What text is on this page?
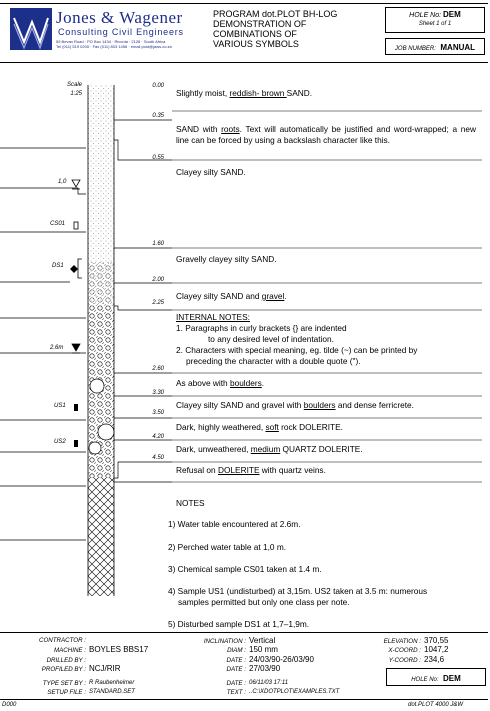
Jones & Wagener
Consulting Civil Engineers
59 Bevan Road · PO Box 1434 · Rivonia · 2128 · South Africa
Tel (011) 519 0200 · Fax (011) 803 1456 · email post@jaws.co.za
PROGRAM dot.PLOT BH-LOG
DEMONSTRATION OF
COMBINATIONS OF
VARIOUS SYMBOLS
HOLE No: DEM
Sheet 1 of 1
JOB NUMBER: MANUAL
Scale
1:25
0.00
0.35
0.55
1.60
2.00
2.25
2.60
3.30
3.50
4.20
4.50
1,0
CS01
DS1
2.6m
US1
US2
Slightly moist, reddish- brown SAND.
SAND with roots. Text will automatically be justified and word-wrapped; a new line can be forced by using a backslash character like this.
Clayey silty SAND.
Gravelly clayey silty SAND.
Clayey silty SAND and gravel.
INTERNAL NOTES:
1. Paragraphs in curly brackets {} are indented
to any desired level of indentation.
2. Characters with special meaning, eg. tilde (~) can be printed by
preceding the character with a double quote (").
As above with boulders.
Clayey silty SAND and gravel with boulders and dense ferricrete.
Dark, highly weathered, soft rock DOLERITE.
Dark, unweathered, medium QUARTZ DOLERITE.
Refusal on DOLERITE with quartz veins.
NOTES
1) Water table encountered at 2.6m.
2) Perched water table at 1,0 m.
3) Chemical sample CS01 taken at 1.4 m.
4) Sample US1 (undisturbed) at 3,15m. US2 taken at 3.5 m: numerous
samples permitted but only one class per note.
5) Disturbed sample DS1 at 1,7–1,9m.
CONTRACTOR :
MACHINE : BOYLES BBS17
DRILLED BY :
PROFILED BY : NCJ/RIR
TYPE SET BY : R Raubenheimer
SETUP FILE : STANDARD.SET
INCLINATION : Vertical
DIAM : 150 mm
DATE : 24/03/90-26/03/90
DATE : 27/03/90
DATE : 06/11/03 17:11
TEXT : ..C:\XDOTPLOT\EXAMPLES.TXT
ELEVATION : 370,55
X-COORD : 1047,2
Y-COORD : 234,6
HOLE No: DEM
D000	dot.PLOT 4000 J&W
